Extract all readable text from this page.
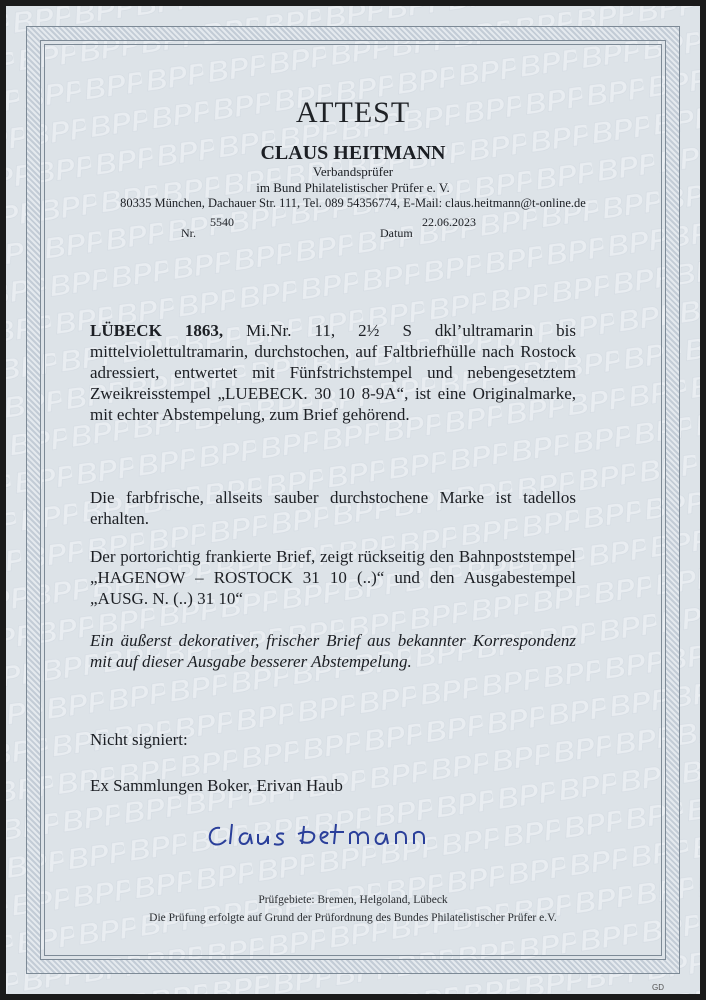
ATTEST
CLAUS HEITMANN
Verbandsprüfer
im Bund Philatelistischer Prüfer e. V.
80335 München, Dachauer Str. 111, Tel. 089 54356774, E-Mail: claus.heitmann@t-online.de
Nr.
5540
Datum
22.06.2023

LÜBECK 1863, Mi.Nr. 11, 2½ S dkl’ultramarin bis mittelviolettultramarin, durchstochen, auf Faltbriefhülle nach Rostock adressiert, entwertet mit Fünfstrichstempel und nebengesetztem Zweikreisstempel „LUEBECK. 30 10 8-9A“, ist eine Originalmarke, mit echter Abstempelung, zum Brief gehörend.

Die farbfrische, allseits sauber durchstochene Marke ist tadellos erhalten.
Der portorichtig frankierte Brief, zeigt rückseitig den Bahnpoststempel „HAGENOW – ROSTOCK 31 10 (..)“ und den Ausgabestempel „AUSG. N. (..) 31 10“
Ein äußerst dekorativer, frischer Brief aus bekannter Korrespondenz mit auf dieser Ausgabe besserer Abstempelung.
Nicht signiert:
Ex Sammlungen Boker, Erivan Haub
Prüfgebiete: Bremen, Helgoland, Lübeck
Die Prüfung erfolgte auf Grund der Prüfordnung des Bundes Philatelistischer Prüfer e.V.
GD
